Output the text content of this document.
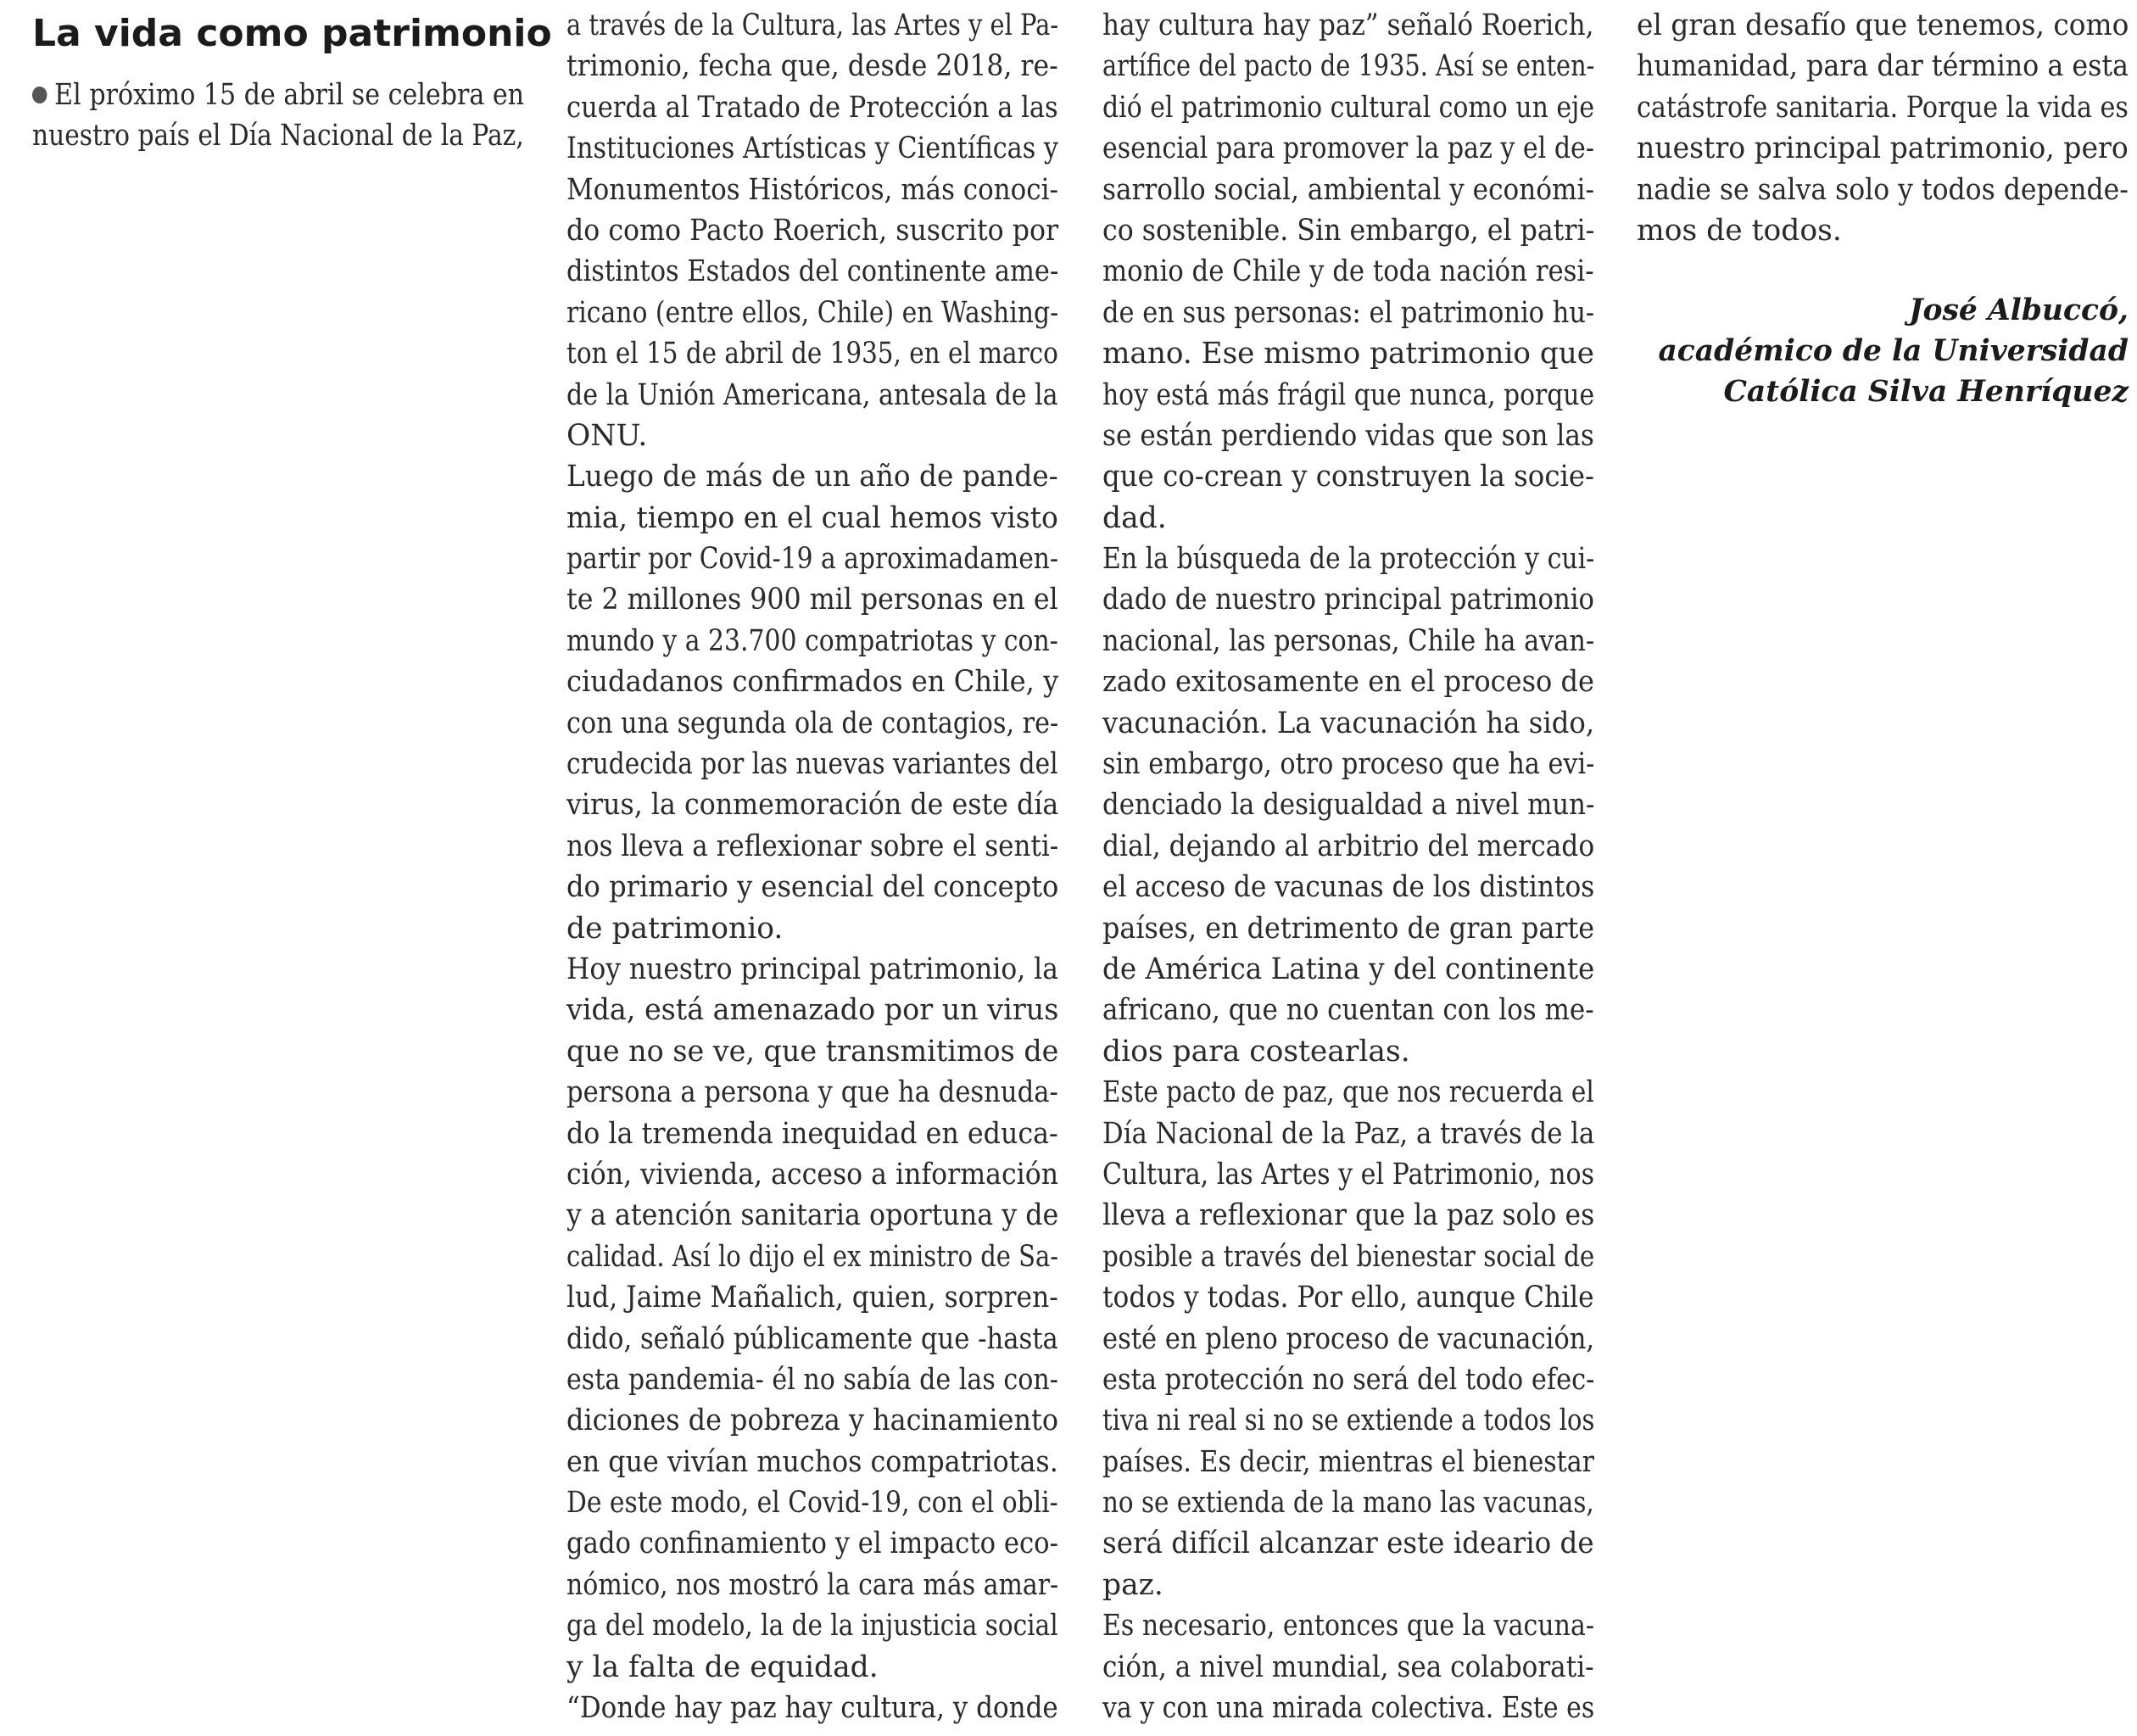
La vida como patrimonio
El próximo 15 de abril se celebra en
nuestro país el Día Nacional de la Paz,
a través de la Cultura, las Artes y el Pa-
trimonio, fecha que, desde 2018, re-
cuerda al Tratado de Protección a las
Instituciones Artísticas y Científicas y
Monumentos Históricos, más conoci-
do como Pacto Roerich, suscrito por
distintos Estados del continente ame-
ricano (entre ellos, Chile) en Washing-
ton el 15 de abril de 1935, en el marco
de la Unión Americana, antesala de la
ONU.
Luego de más de un año de pande-
mia, tiempo en el cual hemos visto
partir por Covid-19 a aproximadamen-
te 2 millones 900 mil personas en el
mundo y a 23.700 compatriotas y con-
ciudadanos confirmados en Chile, y
con una segunda ola de contagios, re-
crudecida por las nuevas variantes del
virus, la conmemoración de este día
nos lleva a reflexionar sobre el senti-
do primario y esencial del concepto
de patrimonio.
Hoy nuestro principal patrimonio, la
vida, está amenazado por un virus
que no se ve, que transmitimos de
persona a persona y que ha desnuda-
do la tremenda inequidad en educa-
ción, vivienda, acceso a información
y a atención sanitaria oportuna y de
calidad. Así lo dijo el ex ministro de Sa-
lud, Jaime Mañalich, quien, sorpren-
dido, señaló públicamente que -hasta
esta pandemia- él no sabía de las con-
diciones de pobreza y hacinamiento
en que vivían muchos compatriotas.
De este modo, el Covid-19, con el obli-
gado confinamiento y el impacto eco-
nómico, nos mostró la cara más amar-
ga del modelo, la de la injusticia social
y la falta de equidad.
“Donde hay paz hay cultura, y donde
hay cultura hay paz” señaló Roerich,
artífice del pacto de 1935. Así se enten-
dió el patrimonio cultural como un eje
esencial para promover la paz y el de-
sarrollo social, ambiental y económi-
co sostenible. Sin embargo, el patri-
monio de Chile y de toda nación resi-
de en sus personas: el patrimonio hu-
mano. Ese mismo patrimonio que
hoy está más frágil que nunca, porque
se están perdiendo vidas que son las
que co-crean y construyen la socie-
dad.
En la búsqueda de la protección y cui-
dado de nuestro principal patrimonio
nacional, las personas, Chile ha avan-
zado exitosamente en el proceso de
vacunación. La vacunación ha sido,
sin embargo, otro proceso que ha evi-
denciado la desigualdad a nivel mun-
dial, dejando al arbitrio del mercado
el acceso de vacunas de los distintos
países, en detrimento de gran parte
de América Latina y del continente
africano, que no cuentan con los me-
dios para costearlas.
Este pacto de paz, que nos recuerda el
Día Nacional de la Paz, a través de la
Cultura, las Artes y el Patrimonio, nos
lleva a reflexionar que la paz solo es
posible a través del bienestar social de
todos y todas. Por ello, aunque Chile
esté en pleno proceso de vacunación,
esta protección no será del todo efec-
tiva ni real si no se extiende a todos los
países. Es decir, mientras el bienestar
no se extienda de la mano las vacunas,
será difícil alcanzar este ideario de
paz.
Es necesario, entonces que la vacuna-
ción, a nivel mundial, sea colaborati-
va y con una mirada colectiva. Este es
el gran desafío que tenemos, como
humanidad, para dar término a esta
catástrofe sanitaria. Porque la vida es
nuestro principal patrimonio, pero
nadie se salva solo y todos depende-
mos de todos.
José Albuccó,
académico de la Universidad
Católica Silva Henríquez
